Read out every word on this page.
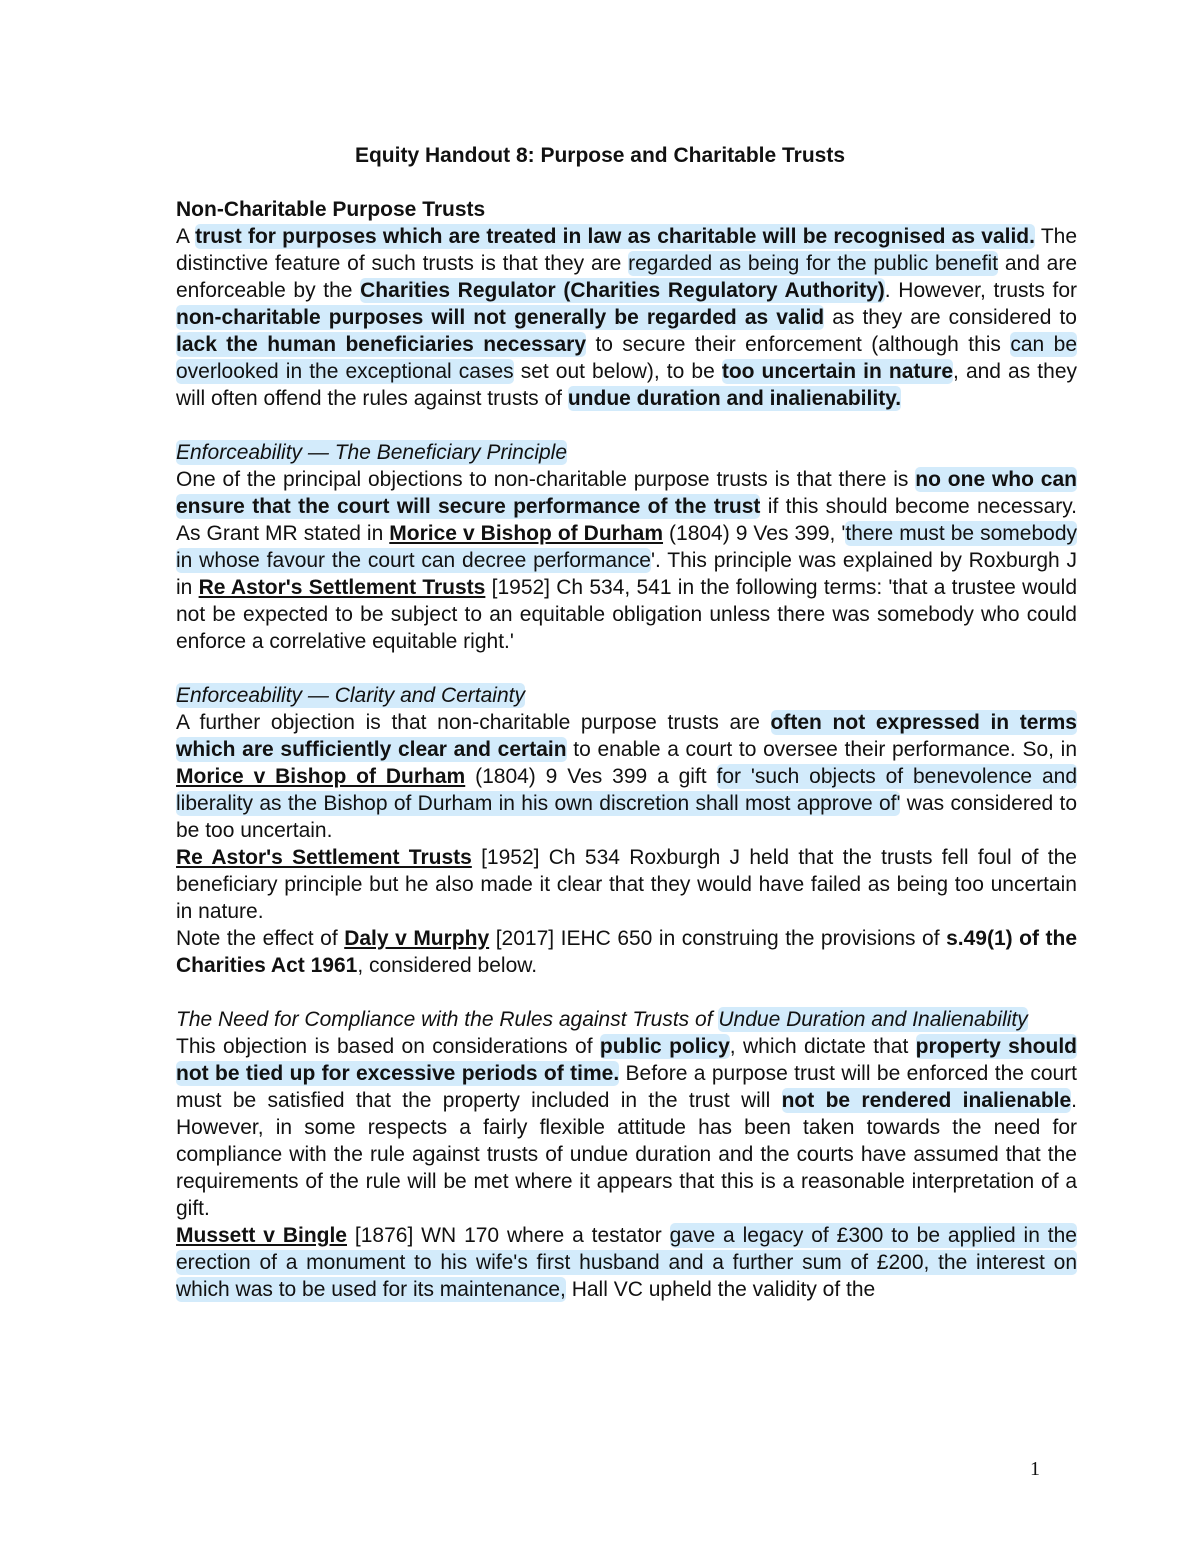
Equity Handout 8: Purpose and Charitable Trusts

Non-Charitable Purpose Trusts

A trust for purposes which are treated in law as charitable will be recognised as valid. The distinctive feature of such trusts is that they are regarded as being for the public benefit and are enforceable by the Charities Regulator (Charities Regulatory Authority). However, trusts for non-charitable purposes will not generally be regarded as valid as they are considered to lack the human beneficiaries necessary to secure their enforcement (although this can be overlooked in the exceptional cases set out below), to be too uncertain in nature, and as they will often offend the rules against trusts of undue duration and inalienability.

Enforceability — The Beneficiary Principle

One of the principal objections to non-charitable purpose trusts is that there is no one who can ensure that the court will secure performance of the trust if this should become necessary. As Grant MR stated in Morice v Bishop of Durham (1804) 9 Ves 399, 'there must be somebody in whose favour the court can decree performance'. This principle was explained by Roxburgh J in Re Astor's Settlement Trusts [1952] Ch 534, 541 in the following terms: 'that a trustee would not be expected to be subject to an equitable obligation unless there was somebody who could enforce a correlative equitable right.'

Enforceability — Clarity and Certainty

A further objection is that non-charitable purpose trusts are often not expressed in terms which are sufficiently clear and certain to enable a court to oversee their performance. So, in Morice v Bishop of Durham (1804) 9 Ves 399 a gift for 'such objects of benevolence and liberality as the Bishop of Durham in his own discretion shall most approve of' was considered to be too uncertain.

Re Astor's Settlement Trusts [1952] Ch 534 Roxburgh J held that the trusts fell foul of the beneficiary principle but he also made it clear that they would have failed as being too uncertain in nature.

Note the effect of Daly v Murphy [2017] IEHC 650 in construing the provisions of s.49(1) of the Charities Act 1961, considered below.

The Need for Compliance with the Rules against Trusts of Undue Duration and Inalienability

This objection is based on considerations of public policy, which dictate that property should not be tied up for excessive periods of time. Before a purpose trust will be enforced the court must be satisfied that the property included in the trust will not be rendered inalienable. However, in some respects a fairly flexible attitude has been taken towards the need for compliance with the rule against trusts of undue duration and the courts have assumed that the requirements of the rule will be met where it appears that this is a reasonable interpretation of a gift.

Mussett v Bingle [1876] WN 170 where a testator gave a legacy of £300 to be applied in the erection of a monument to his wife's first husband and a further sum of £200, the interest on which was to be used for its maintenance, Hall VC upheld the validity of the

1
